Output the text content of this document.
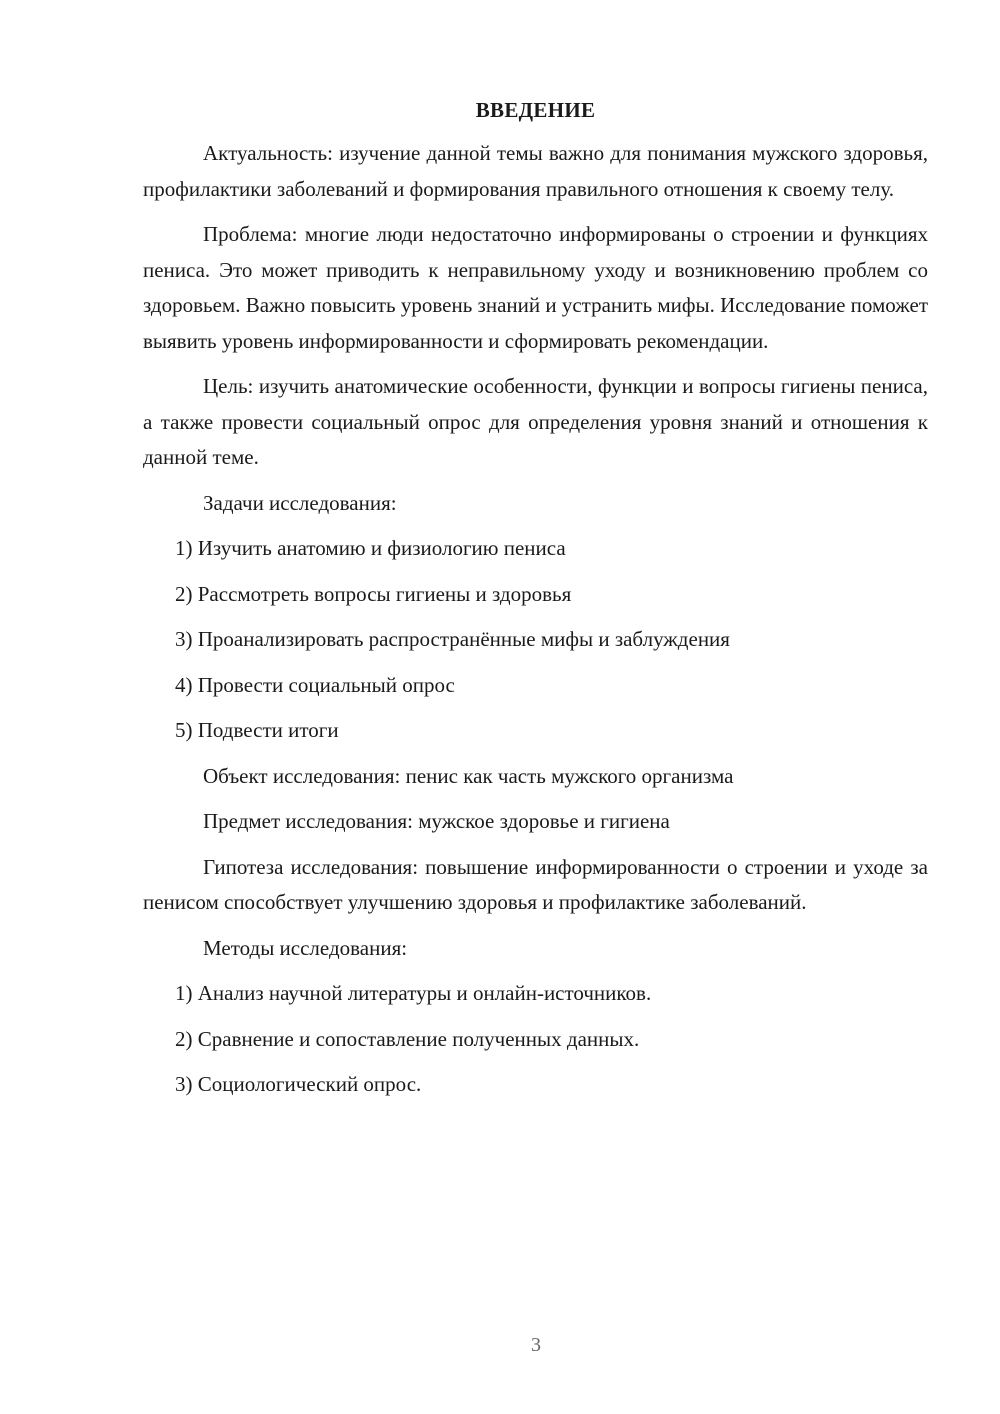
ВВЕДЕНИЕ
Актуальность: изучение данной темы важно для понимания мужского здоровья, профилактики заболеваний и формирования правильного отношения к своему телу.
Проблема: многие люди недостаточно информированы о строении и функциях пениса. Это может приводить к неправильному уходу и возникновению проблем со здоровьем. Важно повысить уровень знаний и устранить мифы. Исследование поможет выявить уровень информированности и сформировать рекомендации.
Цель: изучить анатомические особенности, функции и вопросы гигиены пениса, а также провести социальный опрос для определения уровня знаний и отношения к данной теме.
Задачи исследования:
1) Изучить анатомию и физиологию пениса
2) Рассмотреть вопросы гигиены и здоровья
3) Проанализировать распространённые мифы и заблуждения
4) Провести социальный опрос
5) Подвести итоги
Объект исследования: пенис как часть мужского организма
Предмет исследования: мужское здоровье и гигиена
Гипотеза исследования: повышение информированности о строении и уходе за пенисом способствует улучшению здоровья и профилактике заболеваний.
Методы исследования:
1) Анализ научной литературы и онлайн-источников.
2) Сравнение и сопоставление полученных данных.
3) Социологический опрос.
3
